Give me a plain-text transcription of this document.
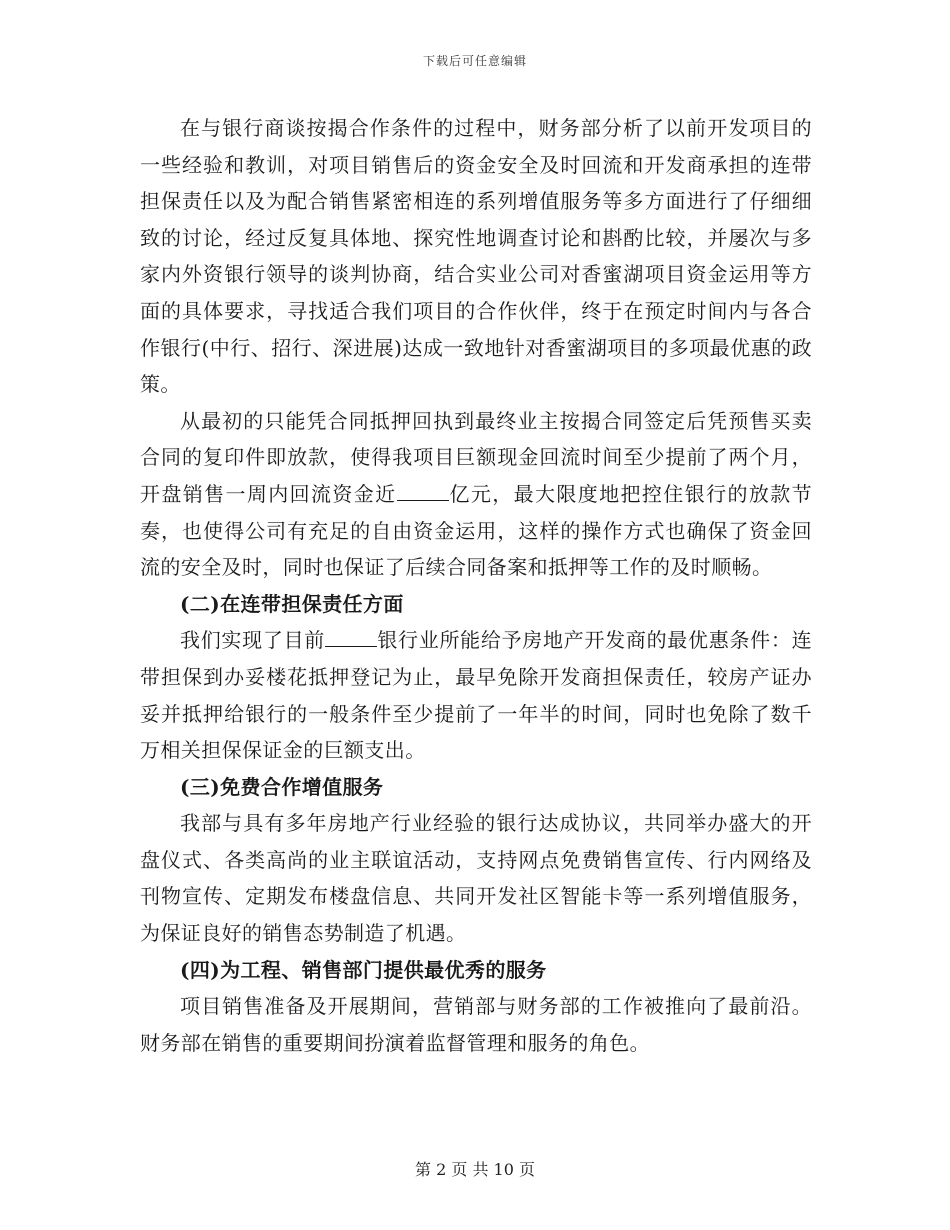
下载后可任意编辑

在与银行商谈按揭合作条件的过程中，财务部分析了以前开发项目的一些经验和教训，对项目销售后的资金安全及时回流和开发商承担的连带担保责任以及为配合销售紧密相连的系列增值服务等多方面进行了仔细细致的讨论，经过反复具体地、探究性地调查讨论和斟酌比较，并屡次与多家内外资银行领导的谈判协商，结合实业公司对香蜜湖项目资金运用等方面的具体要求，寻找适合我们项目的合作伙伴，终于在预定时间内与各合作银行(中行、招行、深进展)达成一致地针对香蜜湖项目的多项最优惠的政策。

从最初的只能凭合同抵押回执到最终业主按揭合同签定后凭预售买卖合同的复印件即放款，使得我项目巨额现金回流时间至少提前了两个月，开盘销售一周内回流资金近	亿元，最大限度地把控住银行的放款节奏，也使得公司有充足的自由资金运用，这样的操作方式也确保了资金回流的安全及时，同时也保证了后续合同备案和抵押等工作的及时顺畅。

(二)在连带担保责任方面

我们实现了目前	银行业所能给予房地产开发商的最优惠条件：连带担保到办妥楼花抵押登记为止，最早免除开发商担保责任，较房产证办妥并抵押给银行的一般条件至少提前了一年半的时间，同时也免除了数千万相关担保保证金的巨额支出。

(三)免费合作增值服务

我部与具有多年房地产行业经验的银行达成协议，共同举办盛大的开盘仪式、各类高尚的业主联谊活动，支持网点免费销售宣传、行内网络及刊物宣传、定期发布楼盘信息、共同开发社区智能卡等一系列增值服务，为保证良好的销售态势制造了机遇。

(四)为工程、销售部门提供最优秀的服务

项目销售准备及开展期间，营销部与财务部的工作被推向了最前沿。财务部在销售的重要期间扮演着监督管理和服务的角色。

第 2 页 共 10 页
